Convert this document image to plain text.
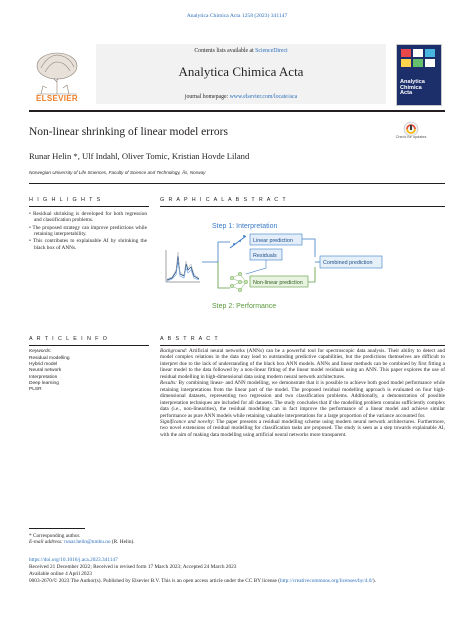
Analytica Chimica Acta 1258 (2023) 341147
Contents lists available at ScienceDirect
Analytica Chimica Acta
journal homepage: www.elsevier.com/locate/aca
ELSEVIER
Analytica
Chimica
Acta
Non-linear shrinking of linear model errors	Check for updates
Runar Helin *, Ulf Indahl, Oliver Tomic, Kristian Hovde Liland
Norwegian University of Life Sciences, Faculty of Science and Technology, Ås, Norway
H I G H L I G H T S	G R A P H I C A L A B S T R A C T
• Residual shrinking is developed for both regression and classification problems.
• The proposed strategy can improve predictions while retaining interpretability.
• This contributes to explainable AI by shrinking the black box of ANNs.
Step 1: Interpretation
Linear prediction
Residuals
Combined prediction
Non-linear prediction
Step 2: Performance
A R T I C L E I N F O	A B S T R A C T
Keywords:
Residual modelling
Hybrid model
Neural network
Interpretation
Deep learning
PLSR

Background: Artificial neural networks (ANNs) can be a powerful tool for spectroscopic data analysis. Their ability to detect and model complex relations in the data may lead to outstanding predictive capabilities, but the predictions themselves are difficult to interpret due to the lack of understanding of the black box ANN models. ANNs and linear methods can be combined by first fitting a linear model to the data followed by a non-linear fitting of the linear model residuals using an ANN. This paper explores the use of residual modelling in high-dimensional data using modern neural network architectures.

Results: By combining linear- and ANN modelling, we demonstrate that it is possible to achieve both good model performance while retaining interpretations from the linear part of the model. The proposed residual modelling approach is evaluated on four high-dimensional datasets, representing two regression and two classification problems. Additionally, a demonstration of possible interpretation techniques are included for all datasets. The study concludes that if the modelling problem contains sufficiently complex data (i.e., non-linearities), the residual modelling can in fact improve the performance of a linear model and achieve similar performance as pure ANN models while retaining valuable interpretations for a large proportion of the variance accounted for.

Significance and novelty: The paper presents a residual modelling scheme using modern neural network architectures. Furthermore, two novel extensions of residual modelling for classification tasks are proposed. The study is seen as a step towards explainable AI, with the aim of making data modelling using artificial neural networks more transparent.

* Corresponding author.
E-mail address: runar.helin@nmbu.no (R. Helin).
https://doi.org/10.1016/j.aca.2023.341147
Received 21 December 2022; Received in revised form 17 March 2023; Accepted 24 March 2023
Available online 4 April 2023
0003-2670/© 2023 The Author(s). Published by Elsevier B.V. This is an open access article under the CC BY license (http://creativecommons.org/licenses/by/4.0/).
